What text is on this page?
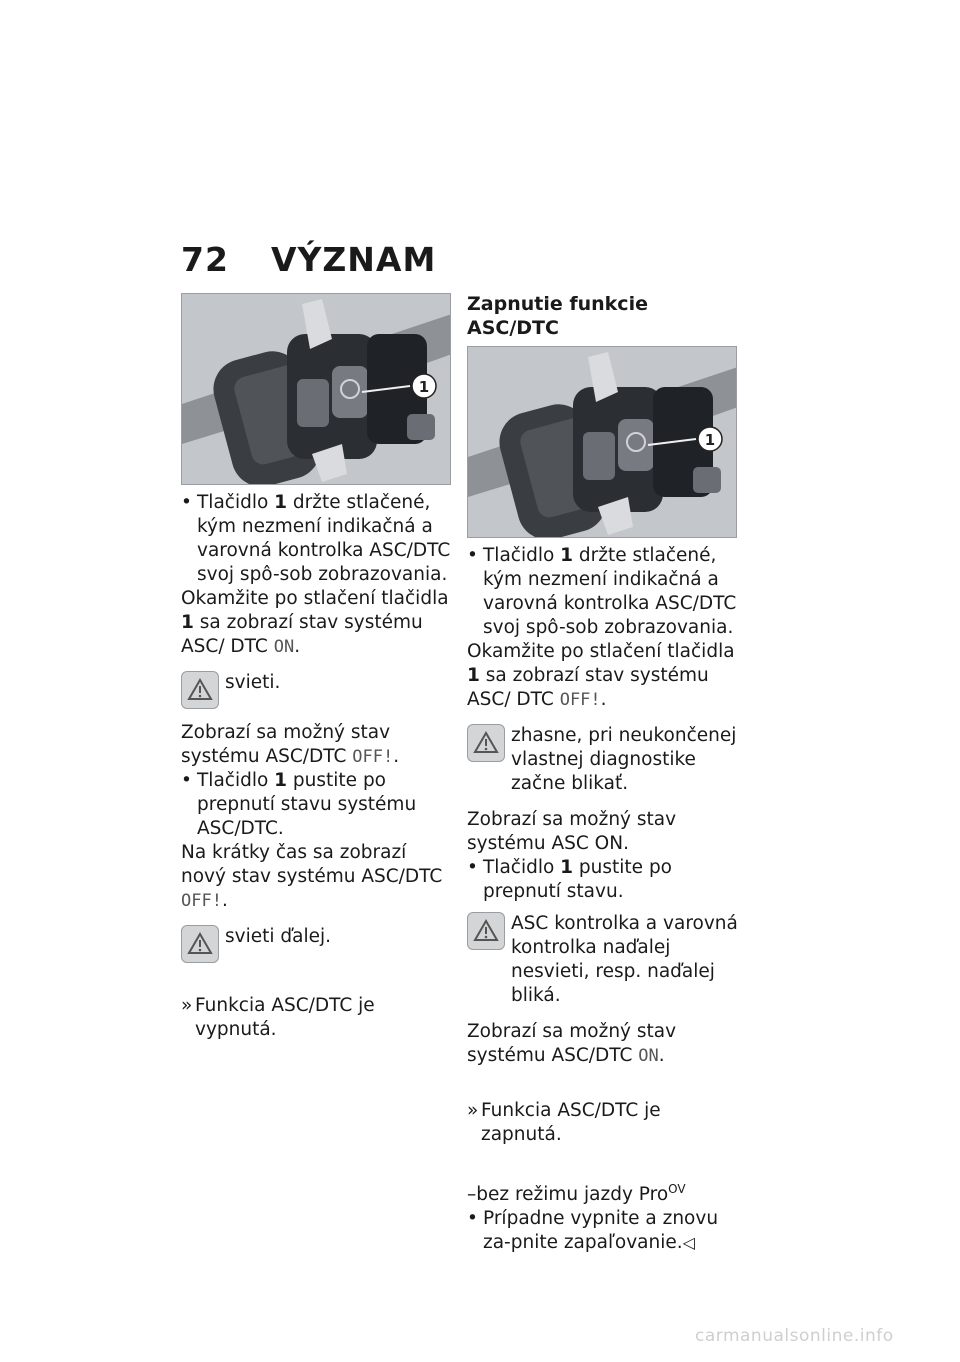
72 VÝZNAM
1

• Tlačidlo 1 držte stlačené, kým nezmení indikačná a varovná kontrolka ASC/DTC svoj spô-sob zobrazovania.

Okamžite po stlačení tlačidla 1 sa zobrazí stav systému ASC/ DTC ON.

svieti.

Zobrazí sa možný stav systému ASC/DTC OFF!.

• Tlačidlo 1 pustite po prepnutí stavu systému ASC/DTC.

Na krátky čas sa zobrazí nový stav systému ASC/DTC OFF!.

svieti ďalej.

» Funkcia ASC/DTC je vypnutá.

Zapnutie funkcie ASC/DTC
1

• Tlačidlo 1 držte stlačené, kým nezmení indikačná a varovná kontrolka ASC/DTC svoj spô-sob zobrazovania.

Okamžite po stlačení tlačidla 1 sa zobrazí stav systému ASC/ DTC OFF!.

zhasne, pri neukončenej vlastnej diagnostike začne blikať.

Zobrazí sa možný stav systému ASC ON.

• Tlačidlo 1 pustite po prepnutí stavu.

ASC kontrolka a varovná kontrolka naďalej nesvieti, resp. naďalej bliká.

Zobrazí sa možný stav systému ASC/DTC ON.

» Funkcia ASC/DTC je zapnutá.

–bez režimu jazdy Pro$^{OV}$

• Prípadne vypnite a znovu za-pnite zapaľovanie.◁

carmanualsonline.info
